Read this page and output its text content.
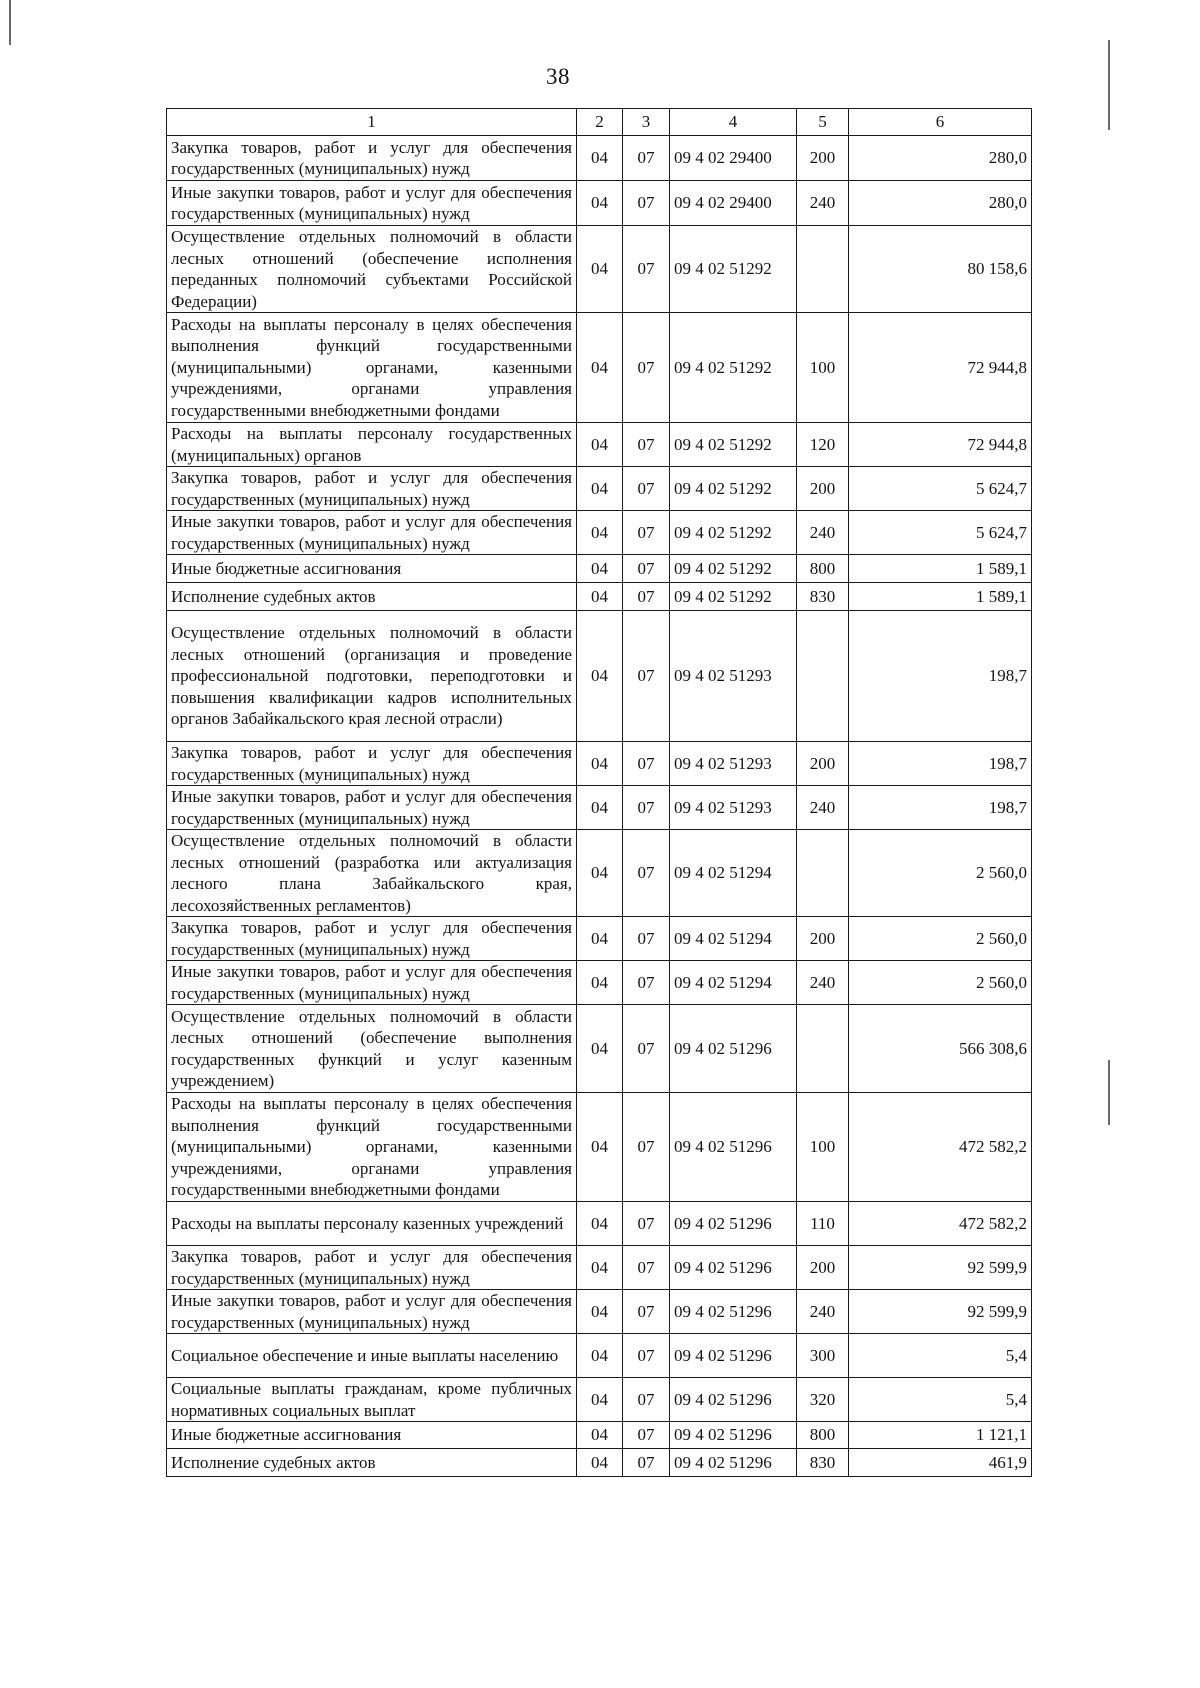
38
1	2	3	4	5	6
Закупка товаров, работ и услуг для обеспечения государственных (муниципальных) нужд	04	07	09 4 02 29400	200	280,0
Иные закупки товаров, работ и услуг для обеспечения государственных (муниципальных) нужд	04	07	09 4 02 29400	240	280,0
Осуществление отдельных полномочий в области лесных отношений (обеспечение исполнения переданных полномочий субъектами Российской Федерации)	04	07	09 4 02 51292		80 158,6
Расходы на выплаты персоналу в целях обеспечения выполнения функций государственными (муниципальными) органами, казенными учреждениями, органами управления государственными внебюджетными фондами	04	07	09 4 02 51292	100	72 944,8
Расходы на выплаты персоналу государственных (муниципальных) органов	04	07	09 4 02 51292	120	72 944,8
Закупка товаров, работ и услуг для обеспечения государственных (муниципальных) нужд	04	07	09 4 02 51292	200	5 624,7
Иные закупки товаров, работ и услуг для обеспечения государственных (муниципальных) нужд	04	07	09 4 02 51292	240	5 624,7
Иные бюджетные ассигнования	04	07	09 4 02 51292	800	1 589,1
Исполнение судебных актов	04	07	09 4 02 51292	830	1 589,1
Осуществление отдельных полномочий в области лесных отношений (организация и проведение профессиональной подготовки, переподготовки и повышения квалификации кадров исполнительных органов Забайкальского края лесной отрасли)	04	07	09 4 02 51293		198,7
Закупка товаров, работ и услуг для обеспечения государственных (муниципальных) нужд	04	07	09 4 02 51293	200	198,7
Иные закупки товаров, работ и услуг для обеспечения государственных (муниципальных) нужд	04	07	09 4 02 51293	240	198,7
Осуществление отдельных полномочий в области лесных отношений (разработка или актуализация лесного плана Забайкальского края, лесохозяйственных регламентов)	04	07	09 4 02 51294		2 560,0
Закупка товаров, работ и услуг для обеспечения государственных (муниципальных) нужд	04	07	09 4 02 51294	200	2 560,0
Иные закупки товаров, работ и услуг для обеспечения государственных (муниципальных) нужд	04	07	09 4 02 51294	240	2 560,0
Осуществление отдельных полномочий в области лесных отношений (обеспечение выполнения государственных функций и услуг казенным учреждением)	04	07	09 4 02 51296		566 308,6
Расходы на выплаты персоналу в целях обеспечения выполнения функций государственными (муниципальными) органами, казенными учреждениями, органами управления государственными внебюджетными фондами	04	07	09 4 02 51296	100	472 582,2
Расходы на выплаты персоналу казенных учреждений	04	07	09 4 02 51296	110	472 582,2
Закупка товаров, работ и услуг для обеспечения государственных (муниципальных) нужд	04	07	09 4 02 51296	200	92 599,9
Иные закупки товаров, работ и услуг для обеспечения государственных (муниципальных) нужд	04	07	09 4 02 51296	240	92 599,9
Социальное обеспечение и иные выплаты населению	04	07	09 4 02 51296	300	5,4
Социальные выплаты гражданам, кроме публичных нормативных социальных выплат	04	07	09 4 02 51296	320	5,4
Иные бюджетные ассигнования	04	07	09 4 02 51296	800	1 121,1
Исполнение судебных актов	04	07	09 4 02 51296	830	461,9
